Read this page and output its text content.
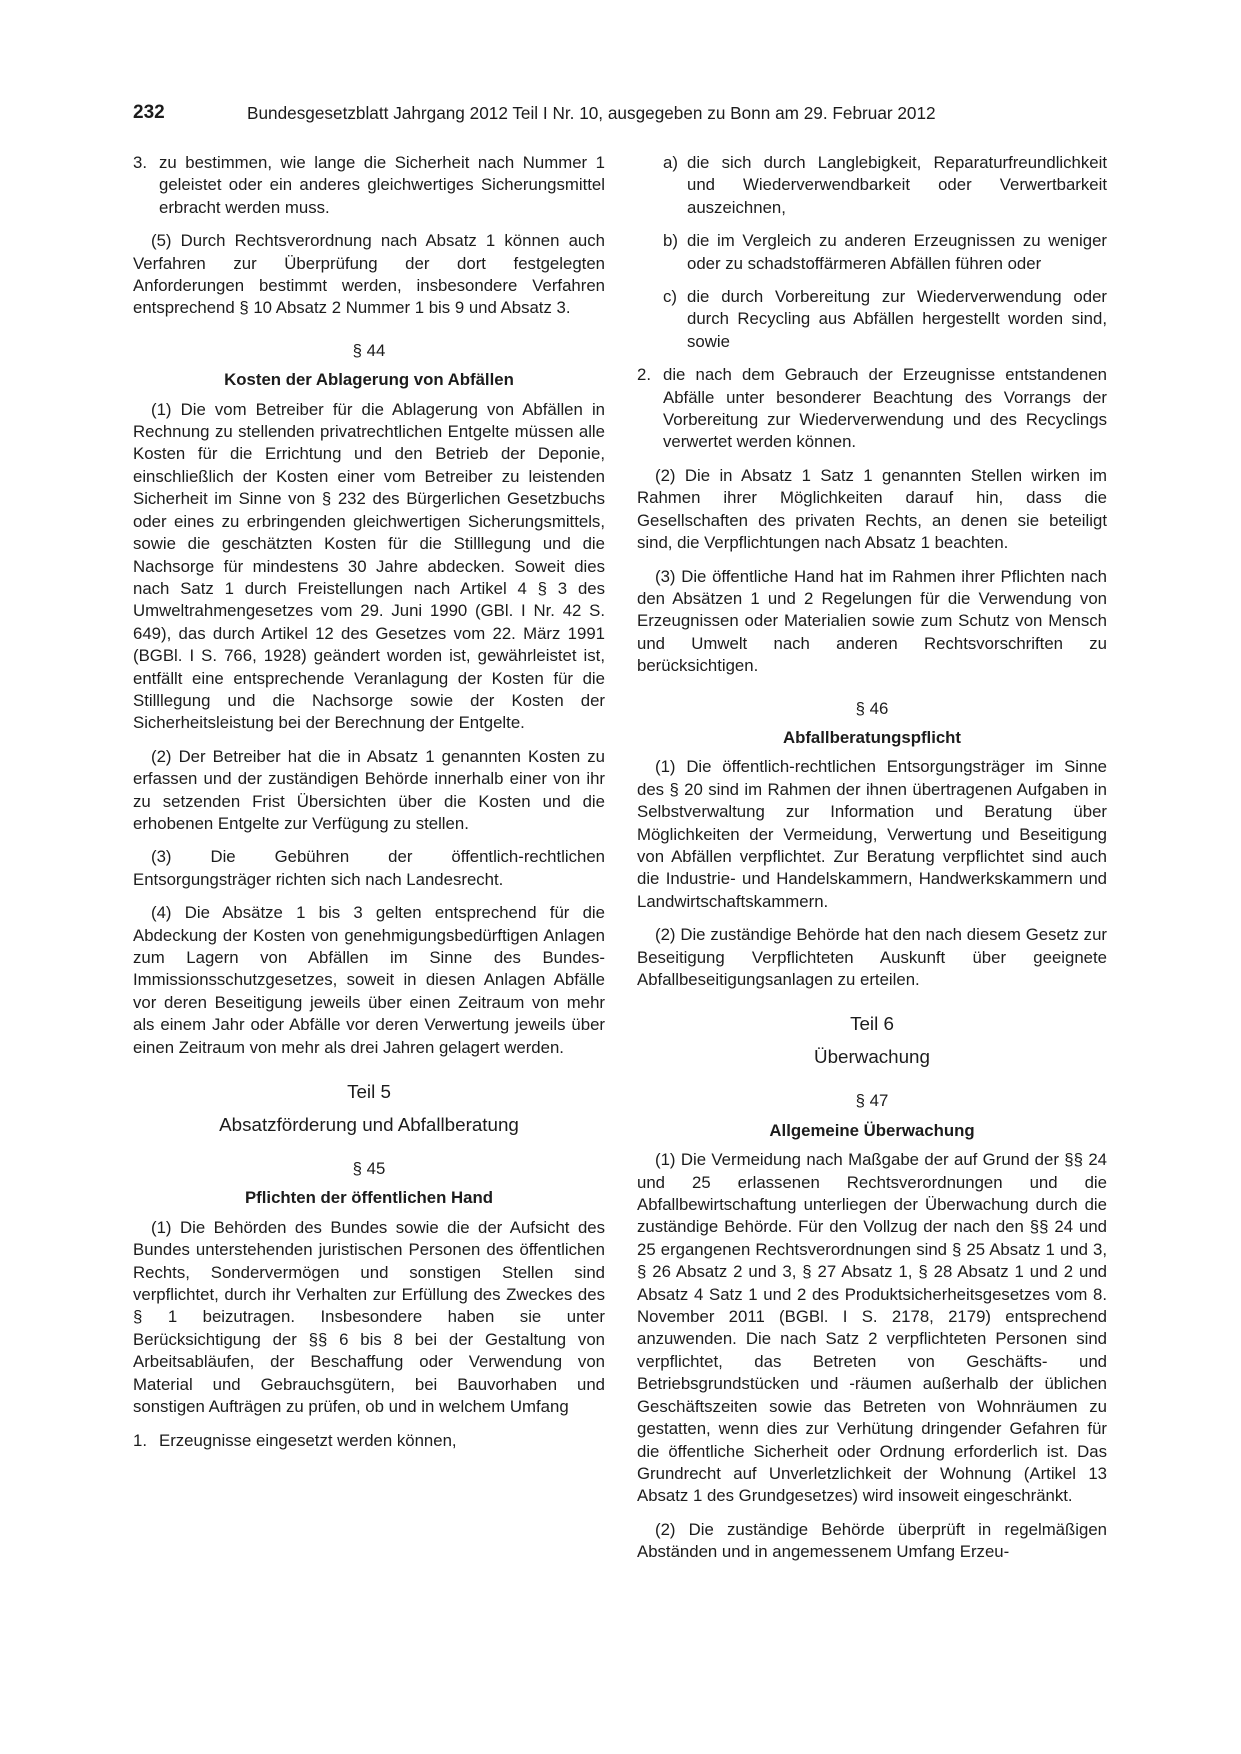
232	Bundesgesetzblatt Jahrgang 2012 Teil I Nr. 10, ausgegeben zu Bonn am 29. Februar 2012
3. zu bestimmen, wie lange die Sicherheit nach Nummer 1 geleistet oder ein anderes gleichwertiges Sicherungsmittel erbracht werden muss.

(5) Durch Rechtsverordnung nach Absatz 1 können auch Verfahren zur Überprüfung der dort festgelegten Anforderungen bestimmt werden, insbesondere Verfahren entsprechend § 10 Absatz 2 Nummer 1 bis 9 und Absatz 3.

§ 44
Kosten der Ablagerung von Abfällen

(1) Die vom Betreiber für die Ablagerung von Abfällen in Rechnung zu stellenden privatrechtlichen Entgelte müssen alle Kosten für die Errichtung und den Betrieb der Deponie, einschließlich der Kosten einer vom Betreiber zu leistenden Sicherheit im Sinne von § 232 des Bürgerlichen Gesetzbuchs oder eines zu erbringenden gleichwertigen Sicherungsmittels, sowie die geschätzten Kosten für die Stilllegung und die Nachsorge für mindestens 30 Jahre abdecken. Soweit dies nach Satz 1 durch Freistellungen nach Artikel 4 § 3 des Umweltrahmengesetzes vom 29. Juni 1990 (GBl. I Nr. 42 S. 649), das durch Artikel 12 des Gesetzes vom 22. März 1991 (BGBl. I S. 766, 1928) geändert worden ist, gewährleistet ist, entfällt eine entsprechende Veranlagung der Kosten für die Stilllegung und die Nachsorge sowie der Kosten der Sicherheitsleistung bei der Berechnung der Entgelte.

(2) Der Betreiber hat die in Absatz 1 genannten Kosten zu erfassen und der zuständigen Behörde innerhalb einer von ihr zu setzenden Frist Übersichten über die Kosten und die erhobenen Entgelte zur Verfügung zu stellen.

(3) Die Gebühren der öffentlich-rechtlichen Entsorgungsträger richten sich nach Landesrecht.

(4) Die Absätze 1 bis 3 gelten entsprechend für die Abdeckung der Kosten von genehmigungsbedürftigen Anlagen zum Lagern von Abfällen im Sinne des Bundes-Immissionsschutzgesetzes, soweit in diesen Anlagen Abfälle vor deren Beseitigung jeweils über einen Zeitraum von mehr als einem Jahr oder Abfälle vor deren Verwertung jeweils über einen Zeitraum von mehr als drei Jahren gelagert werden.

Teil 5
Absatzförderung und Abfallberatung
§ 45
Pflichten der öffentlichen Hand

(1) Die Behörden des Bundes sowie die der Aufsicht des Bundes unterstehenden juristischen Personen des öffentlichen Rechts, Sondervermögen und sonstigen Stellen sind verpflichtet, durch ihr Verhalten zur Erfüllung des Zweckes des § 1 beizutragen. Insbesondere haben sie unter Berücksichtigung der §§ 6 bis 8 bei der Gestaltung von Arbeitsabläufen, der Beschaffung oder Verwendung von Material und Gebrauchsgütern, bei Bauvorhaben und sonstigen Aufträgen zu prüfen, ob und in welchem Umfang

1. Erzeugnisse eingesetzt werden können,
a) die sich durch Langlebigkeit, Reparaturfreundlichkeit und Wiederverwendbarkeit oder Verwertbarkeit auszeichnen,
b) die im Vergleich zu anderen Erzeugnissen zu weniger oder zu schadstoffärmeren Abfällen führen oder
c) die durch Vorbereitung zur Wiederverwendung oder durch Recycling aus Abfällen hergestellt worden sind, sowie
2. die nach dem Gebrauch der Erzeugnisse entstandenen Abfälle unter besonderer Beachtung des Vorrangs der Vorbereitung zur Wiederverwendung und des Recyclings verwertet werden können.

(2) Die in Absatz 1 Satz 1 genannten Stellen wirken im Rahmen ihrer Möglichkeiten darauf hin, dass die Gesellschaften des privaten Rechts, an denen sie beteiligt sind, die Verpflichtungen nach Absatz 1 beachten.

(3) Die öffentliche Hand hat im Rahmen ihrer Pflichten nach den Absätzen 1 und 2 Regelungen für die Verwendung von Erzeugnissen oder Materialien sowie zum Schutz von Mensch und Umwelt nach anderen Rechtsvorschriften zu berücksichtigen.

§ 46
Abfallberatungspflicht

(1) Die öffentlich-rechtlichen Entsorgungsträger im Sinne des § 20 sind im Rahmen der ihnen übertragenen Aufgaben in Selbstverwaltung zur Information und Beratung über Möglichkeiten der Vermeidung, Verwertung und Beseitigung von Abfällen verpflichtet. Zur Beratung verpflichtet sind auch die Industrie- und Handelskammern, Handwerkskammern und Landwirtschaftskammern.

(2) Die zuständige Behörde hat den nach diesem Gesetz zur Beseitigung Verpflichteten Auskunft über geeignete Abfallbeseitigungsanlagen zu erteilen.

Teil 6
Überwachung
§ 47
Allgemeine Überwachung

(1) Die Vermeidung nach Maßgabe der auf Grund der §§ 24 und 25 erlassenen Rechtsverordnungen und die Abfallbewirtschaftung unterliegen der Überwachung durch die zuständige Behörde. Für den Vollzug der nach den §§ 24 und 25 ergangenen Rechtsverordnungen sind § 25 Absatz 1 und 3, § 26 Absatz 2 und 3, § 27 Absatz 1, § 28 Absatz 1 und 2 und Absatz 4 Satz 1 und 2 des Produktsicherheitsgesetzes vom 8. November 2011 (BGBl. I S. 2178, 2179) entsprechend anzuwenden. Die nach Satz 2 verpflichteten Personen sind verpflichtet, das Betreten von Geschäfts- und Betriebsgrundstücken und -räumen außerhalb der üblichen Geschäftszeiten sowie das Betreten von Wohnräumen zu gestatten, wenn dies zur Verhütung dringender Gefahren für die öffentliche Sicherheit oder Ordnung erforderlich ist. Das Grundrecht auf Unverletzlichkeit der Wohnung (Artikel 13 Absatz 1 des Grundgesetzes) wird insoweit eingeschränkt.

(2) Die zuständige Behörde überprüft in regelmäßigen Abständen und in angemessenem Umfang Erzeu-
